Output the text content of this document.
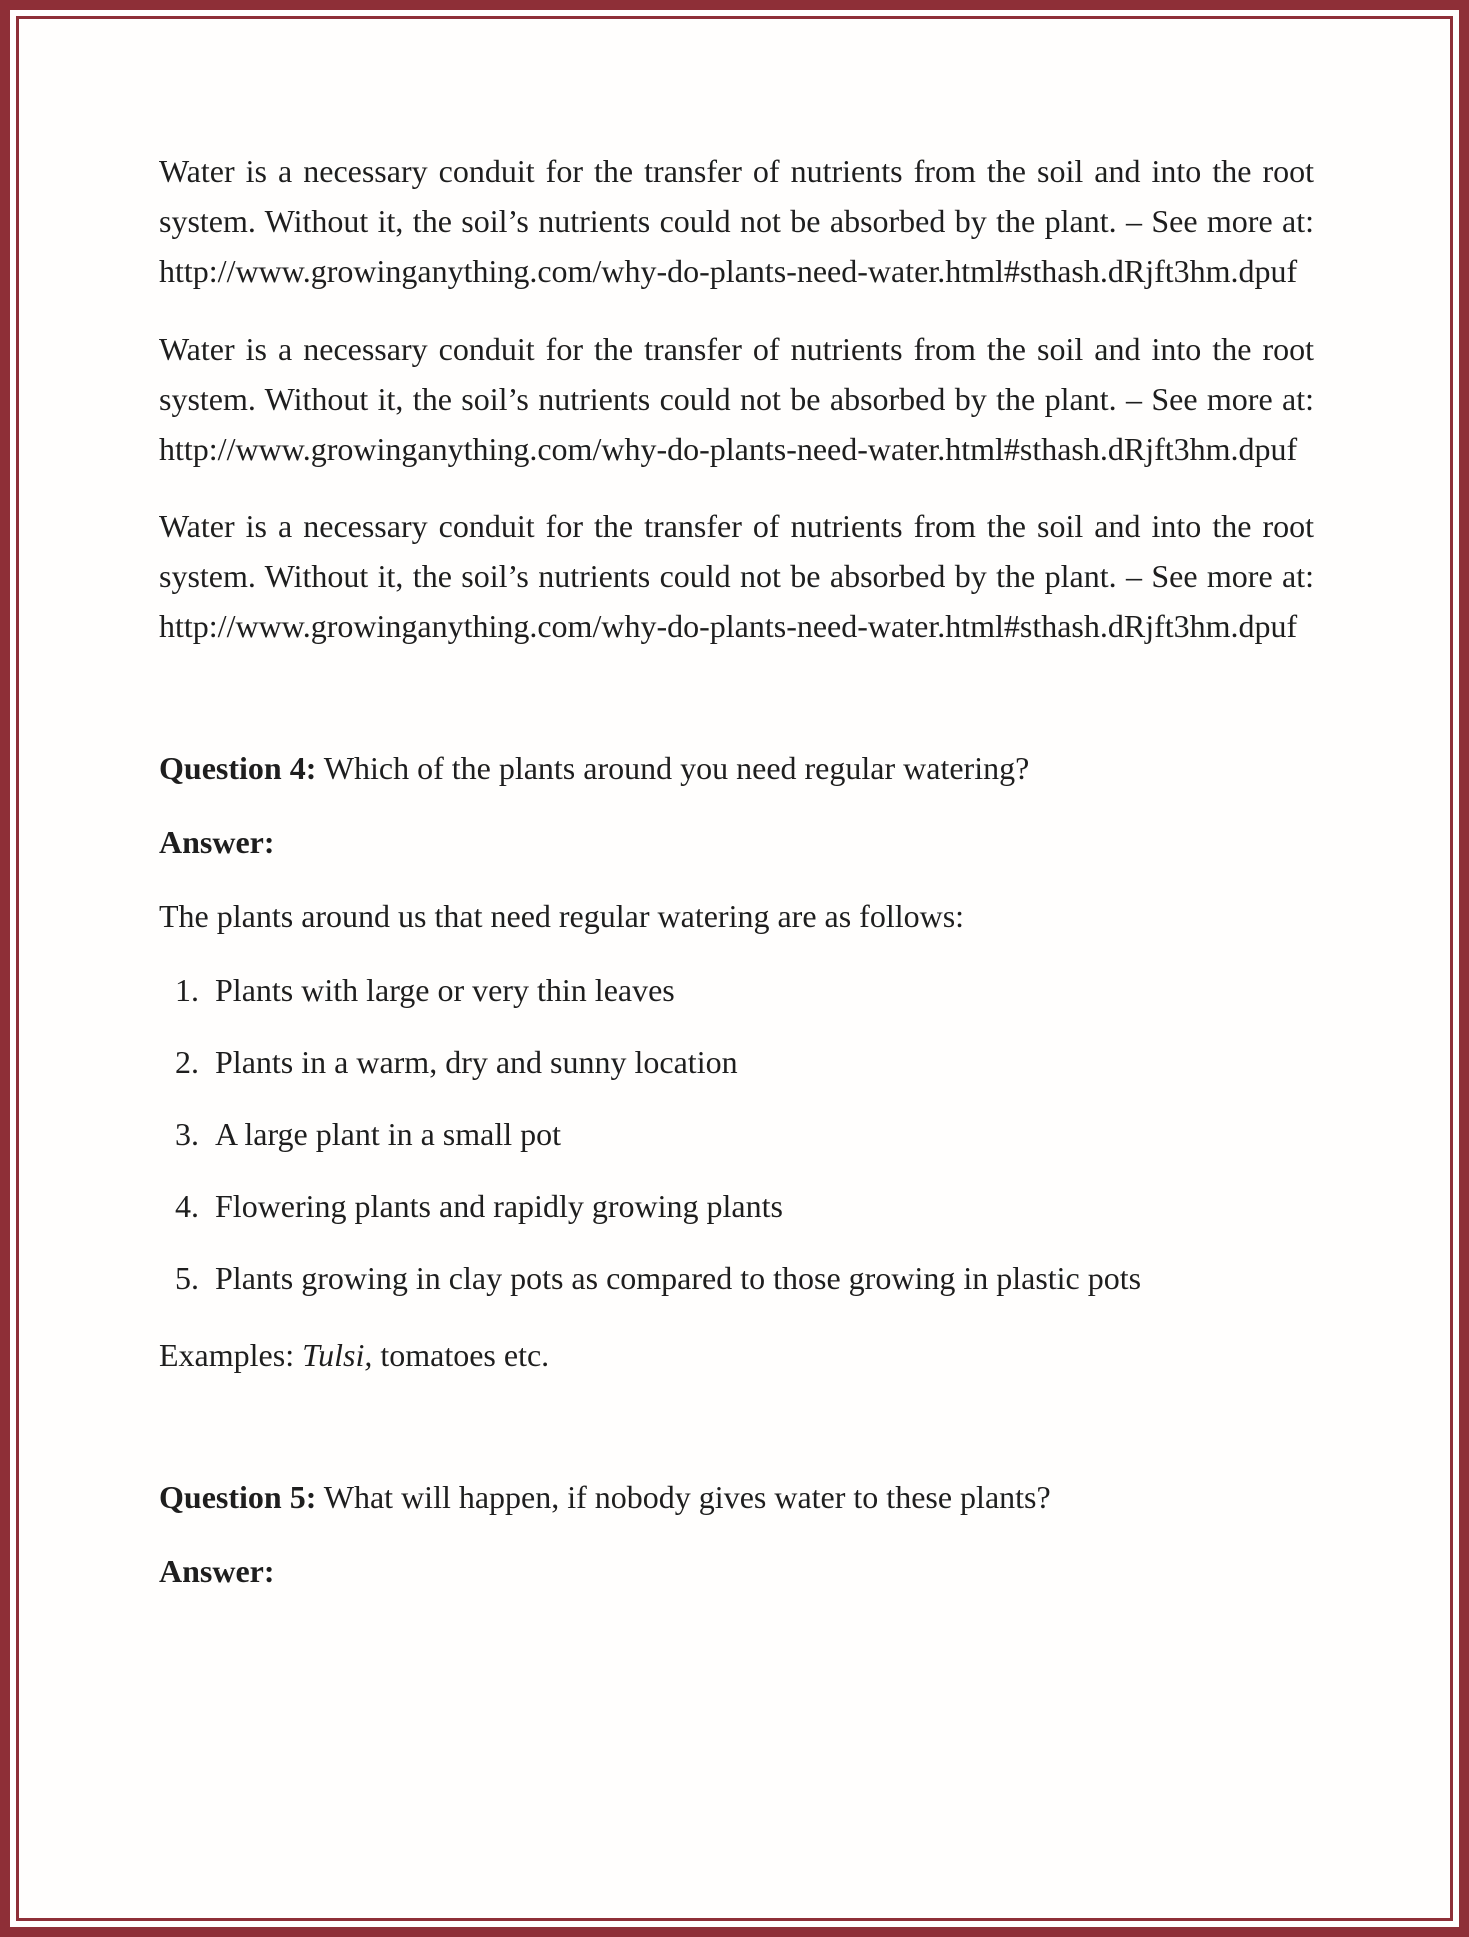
Water is a necessary conduit for the transfer of nutrients from the soil and into the root system. Without it, the soil’s nutrients could not be absorbed by the plant. – See more at: http://www.growinganything.com/why-do-plants-need-water.html#sthash.dRjft3hm.dpuf

Water is a necessary conduit for the transfer of nutrients from the soil and into the root system. Without it, the soil’s nutrients could not be absorbed by the plant. – See more at: http://www.growinganything.com/why-do-plants-need-water.html#sthash.dRjft3hm.dpuf

Water is a necessary conduit for the transfer of nutrients from the soil and into the root system. Without it, the soil’s nutrients could not be absorbed by the plant. – See more at: http://www.growinganything.com/why-do-plants-need-water.html#sthash.dRjft3hm.dpuf

Question 4: Which of the plants around you need regular watering?

Answer:

The plants around us that need regular watering are as follows:

1. Plants with large or very thin leaves
2. Plants in a warm, dry and sunny location
3. A large plant in a small pot
4. Flowering plants and rapidly growing plants
5. Plants growing in clay pots as compared to those growing in plastic pots

Examples: Tulsi, tomatoes etc.

Question 5: What will happen, if nobody gives water to these plants?

Answer:
